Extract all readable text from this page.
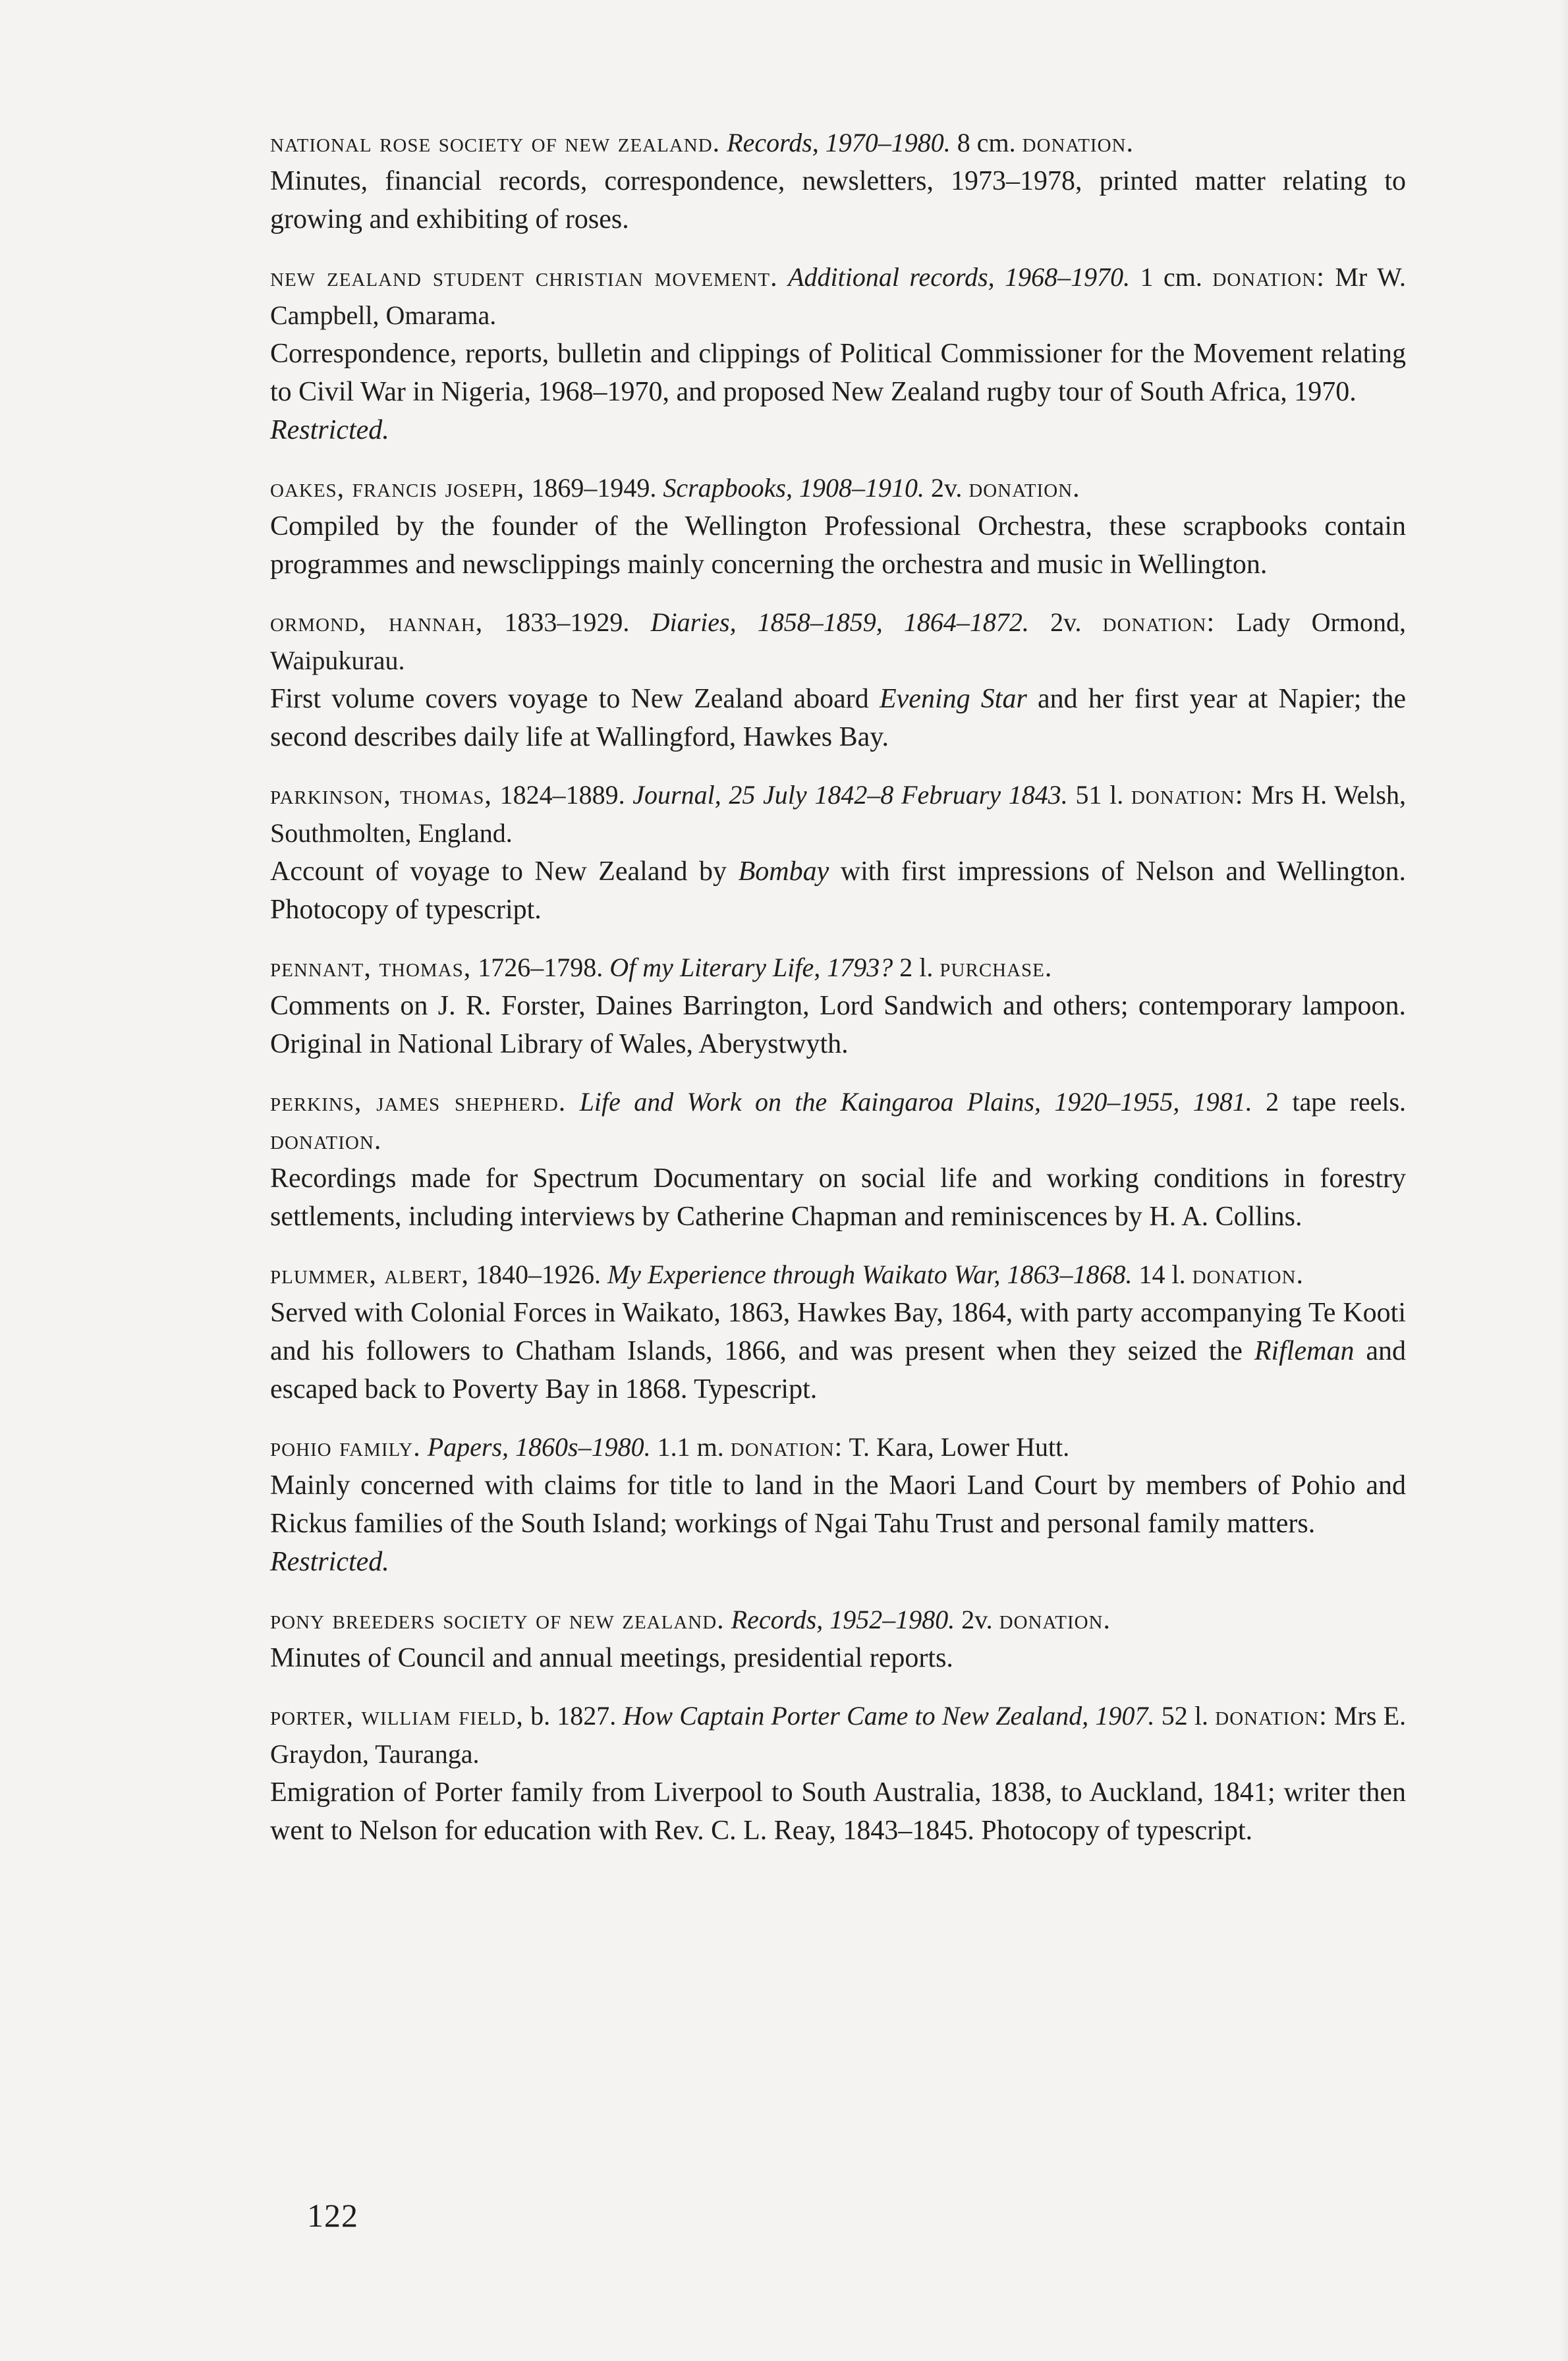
national rose society of new zealand. Records, 1970–1980. 8 cm. donation.

Minutes, financial records, correspondence, newsletters, 1973–1978, printed matter relating to growing and exhibiting of roses.

new zealand student christian movement. Additional records, 1968–1970. 1 cm. donation: Mr W. Campbell, Omarama.

Correspondence, reports, bulletin and clippings of Political Commissioner for the Movement relating to Civil War in Nigeria, 1968–1970, and proposed New Zealand rugby tour of South Africa, 1970.

Restricted.

oakes, francis joseph, 1869–1949. Scrapbooks, 1908–1910. 2v. donation.

Compiled by the founder of the Wellington Professional Orchestra, these scrapbooks contain programmes and newsclippings mainly concerning the orchestra and music in Wellington.

ormond, hannah, 1833–1929. Diaries, 1858–1859, 1864–1872. 2v. donation: Lady Ormond, Waipukurau.

First volume covers voyage to New Zealand aboard Evening Star and her first year at Napier; the second describes daily life at Wallingford, Hawkes Bay.

parkinson, thomas, 1824–1889. Journal, 25 July 1842–8 February 1843. 51 l. donation: Mrs H. Welsh, Southmolten, England.

Account of voyage to New Zealand by Bombay with first impressions of Nelson and Wellington. Photocopy of typescript.

pennant, thomas, 1726–1798. Of my Literary Life, 1793? 2 l. purchase.

Comments on J. R. Forster, Daines Barrington, Lord Sandwich and others; contemporary lampoon. Original in National Library of Wales, Aberystwyth.

perkins, james shepherd. Life and Work on the Kaingaroa Plains, 1920–1955, 1981. 2 tape reels. donation.

Recordings made for Spectrum Documentary on social life and working conditions in forestry settlements, including interviews by Catherine Chapman and reminiscences by H. A. Collins.

plummer, albert, 1840–1926. My Experience through Waikato War, 1863–1868. 14 l. donation.

Served with Colonial Forces in Waikato, 1863, Hawkes Bay, 1864, with party accompanying Te Kooti and his followers to Chatham Islands, 1866, and was present when they seized the Rifleman and escaped back to Poverty Bay in 1868. Typescript.

pohio family. Papers, 1860s–1980. 1.1 m. donation: T. Kara, Lower Hutt.

Mainly concerned with claims for title to land in the Maori Land Court by members of Pohio and Rickus families of the South Island; workings of Ngai Tahu Trust and personal family matters.

Restricted.

pony breeders society of new zealand. Records, 1952–1980. 2v. donation.

Minutes of Council and annual meetings, presidential reports.

porter, william field, b. 1827. How Captain Porter Came to New Zealand, 1907. 52 l. donation: Mrs E. Graydon, Tauranga.

Emigration of Porter family from Liverpool to South Australia, 1838, to Auckland, 1841; writer then went to Nelson for education with Rev. C. L. Reay, 1843–1845. Photocopy of typescript.

122
